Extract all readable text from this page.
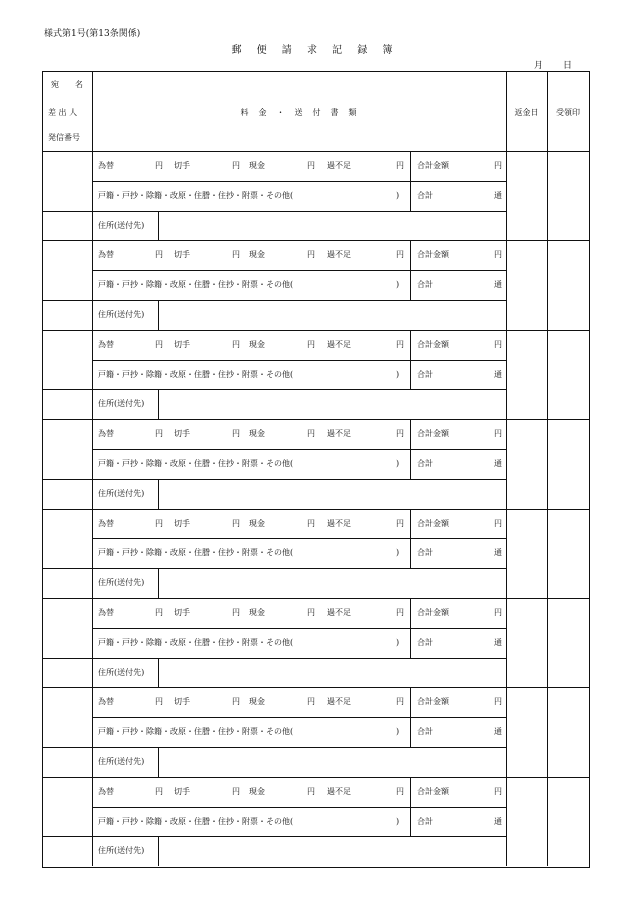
様式第1号(第13条関係)
郵 便 請 求 記 録 簿
月 日
宛　　名
差 出 人
発信番号
料　金　・　送　付　書　類	返金日	受領印
為替	円 切手	円 現金	円 過不足	円 合計金額	円
戸籍・戸抄・除籍・改原・住謄・住抄・附票・その他(	) 合計	通
住所(送付先)
為替	円 切手	円 現金	円 過不足	円 合計金額	円
戸籍・戸抄・除籍・改原・住謄・住抄・附票・その他(	) 合計	通
住所(送付先)
為替	円 切手	円 現金	円 過不足	円 合計金額	円
戸籍・戸抄・除籍・改原・住謄・住抄・附票・その他(	) 合計	通
住所(送付先)
為替	円 切手	円 現金	円 過不足	円 合計金額	円
戸籍・戸抄・除籍・改原・住謄・住抄・附票・その他(	) 合計	通
住所(送付先)
為替	円 切手	円 現金	円 過不足	円 合計金額	円
戸籍・戸抄・除籍・改原・住謄・住抄・附票・その他(	) 合計	通
住所(送付先)
為替	円 切手	円 現金	円 過不足	円 合計金額	円
戸籍・戸抄・除籍・改原・住謄・住抄・附票・その他(	) 合計	通
住所(送付先)
為替	円 切手	円 現金	円 過不足	円 合計金額	円
戸籍・戸抄・除籍・改原・住謄・住抄・附票・その他(	) 合計	通
住所(送付先)
為替	円 切手	円 現金	円 過不足	円 合計金額	円
戸籍・戸抄・除籍・改原・住謄・住抄・附票・その他(	) 合計	通
住所(送付先)
